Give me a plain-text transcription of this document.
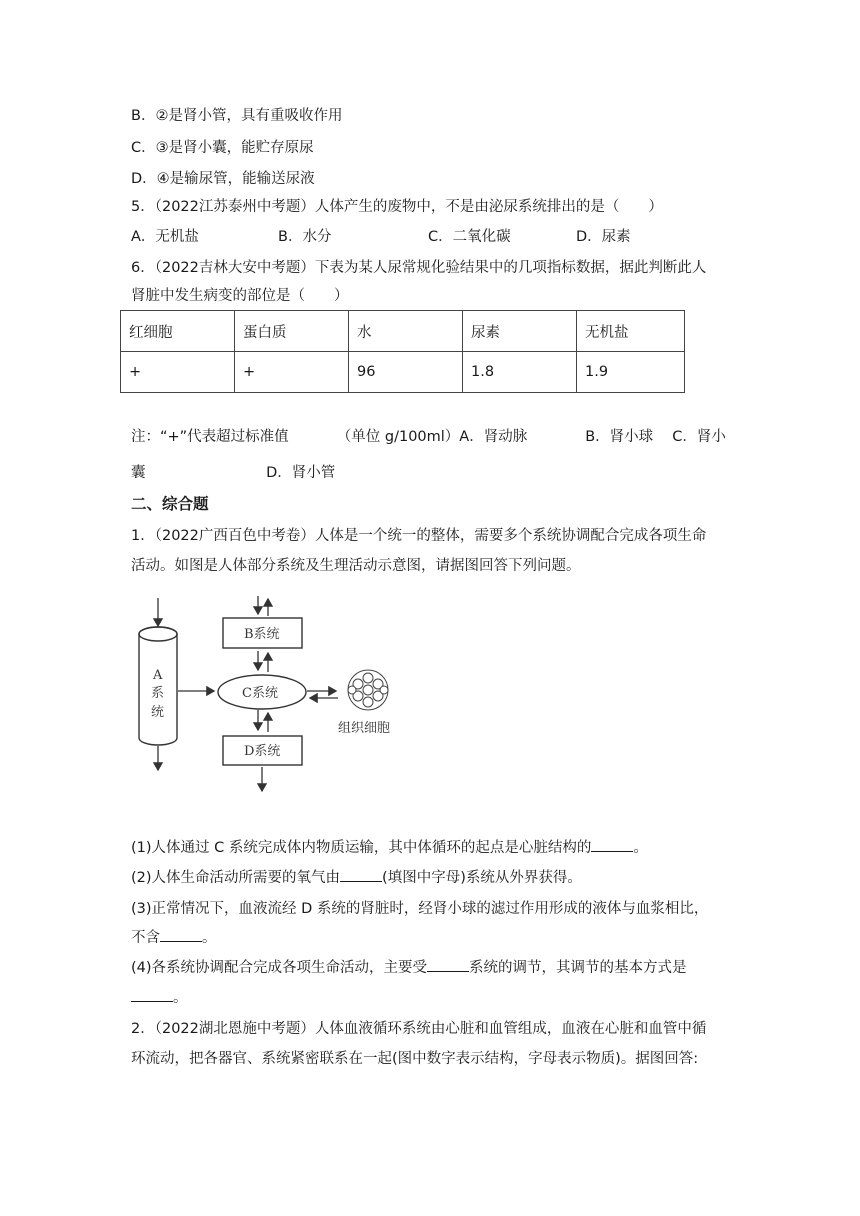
B．②是肾小管，具有重吸收作用
C．③是肾小囊，能贮存原尿
D．④是输尿管，能输送尿液
5．（2022江苏泰州中考题）人体产生的废物中，不是由泌尿系统排出的是（　　）
A．无机盐	B．水分	C．二氧化碳	D．尿素
6．（2022吉林大安中考题）下表为某人尿常规化验结果中的几项指标数据，据此判断此人
肾脏中发生病变的部位是（　　）
红细胞	蛋白质	水	尿素	无机盐
+	+	96	1.8	1.9
注：“+”代表超过标准值　　　 （单位 g/100ml）A．肾动脉　　　　B．肾小球　 C．肾小
囊　　　　　　　　 D．肾小管
二、综合题
1．（2022广西百色中考卷）人体是一个统一的整体，需要多个系统协调配合完成各项生命
活动。如图是人体部分系统及生理活动示意图，请据图回答下列问题。
A
系
统
B系统
C系统
组织细胞
D系统
(1)人体通过 C 系统完成体内物质运输，其中体循环的起点是心脏结构的	。
(2)人体生命活动所需要的氧气由	(填图中字母)系统从外界获得。
(3)正常情况下，血液流经 D 系统的肾脏时，经肾小球的滤过作用形成的液体与血浆相比，
不含	。
(4)各系统协调配合完成各项生命活动，主要受	系统的调节，其调节的基本方式是
。
2．（2022湖北恩施中考题）人体血液循环系统由心脏和血管组成，血液在心脏和血管中循
环流动，把各器官、系统紧密联系在一起(图中数字表示结构，字母表示物质)。据图回答:
